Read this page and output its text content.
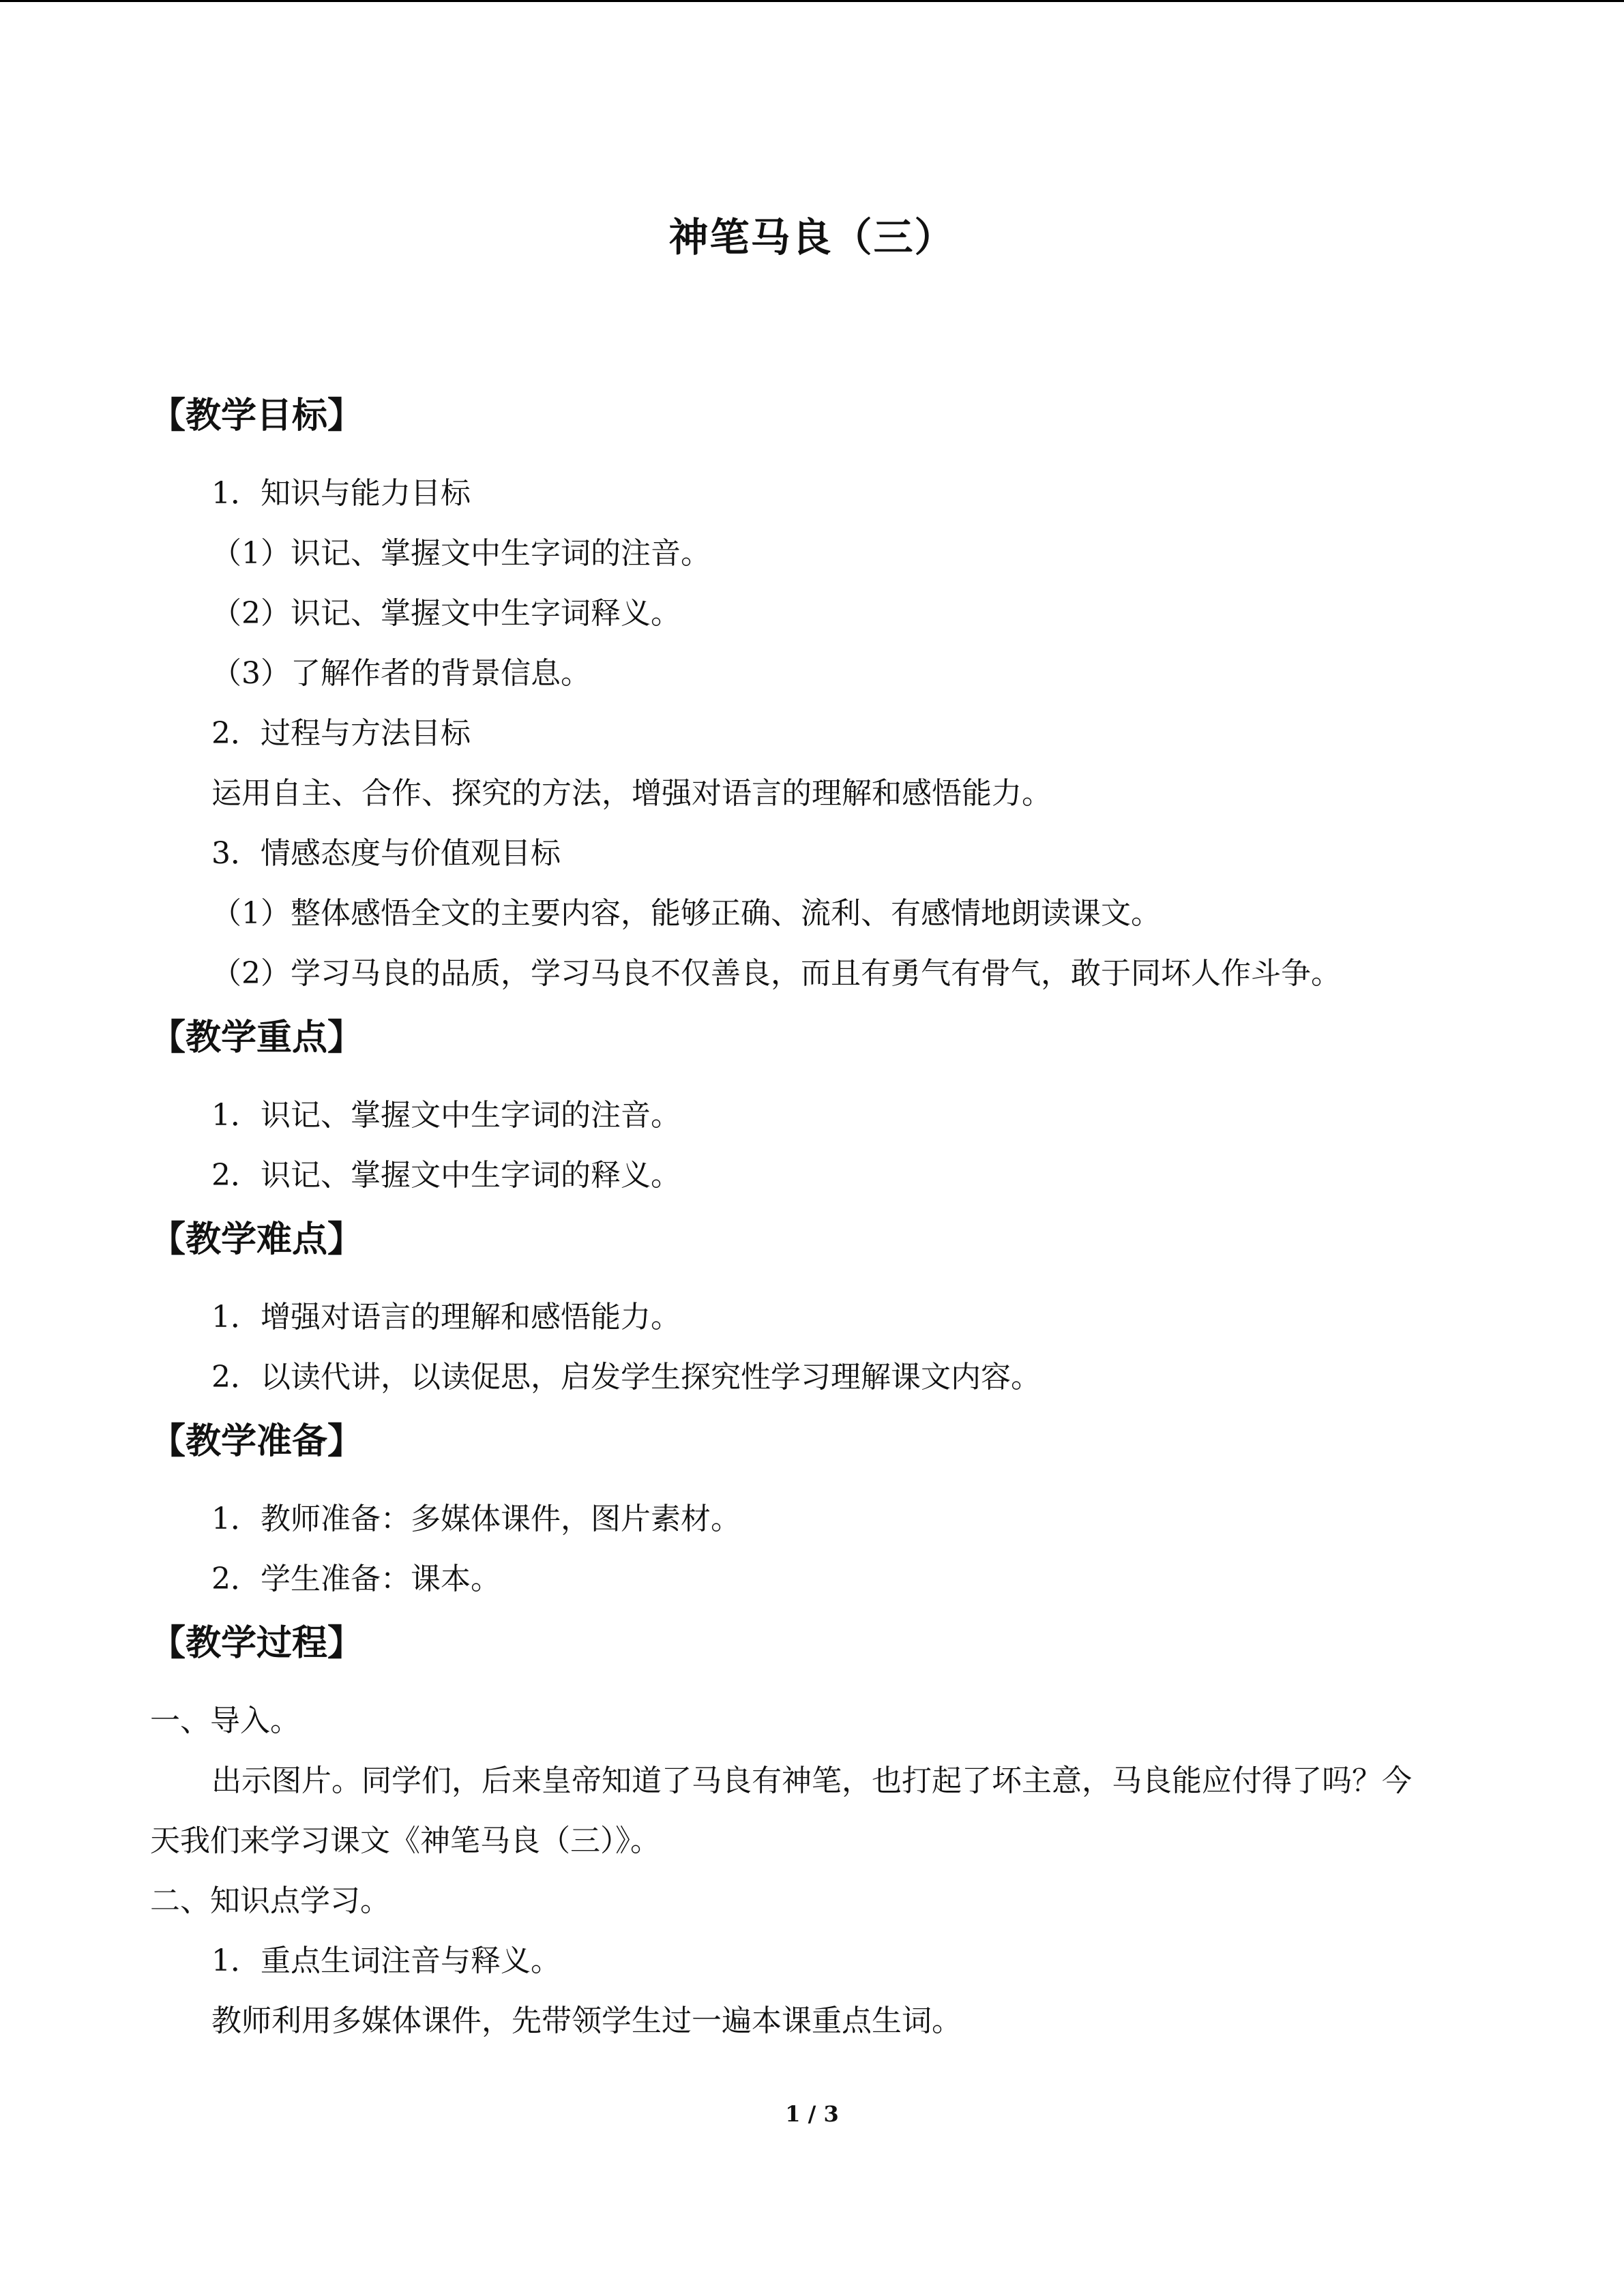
神笔马良（三）
【教学目标】
1．知识与能力目标
（1）识记、掌握文中生字词的注音。
（2）识记、掌握文中生字词释义。
（3）了解作者的背景信息。
2．过程与方法目标
运用自主、合作、探究的方法，增强对语言的理解和感悟能力。
3．情感态度与价值观目标
（1）整体感悟全文的主要内容，能够正确、流利、有感情地朗读课文。
（2）学习马良的品质，学习马良不仅善良，而且有勇气有骨气，敢于同坏人作斗争。
【教学重点】
1．识记、掌握文中生字词的注音。
2．识记、掌握文中生字词的释义。
【教学难点】
1．增强对语言的理解和感悟能力。
2．以读代讲，以读促思，启发学生探究性学习理解课文内容。
【教学准备】
1．教师准备：多媒体课件，图片素材。
2．学生准备：课本。
【教学过程】
一、导入。

出示图片。同学们，后来皇帝知道了马良有神笔，也打起了坏主意，马良能应付得了吗？今天我们来学习课文《神笔马良（三）》。

二、知识点学习。
1．重点生词注音与释义。
教师利用多媒体课件，先带领学生过一遍本课重点生词。
1 / 3
